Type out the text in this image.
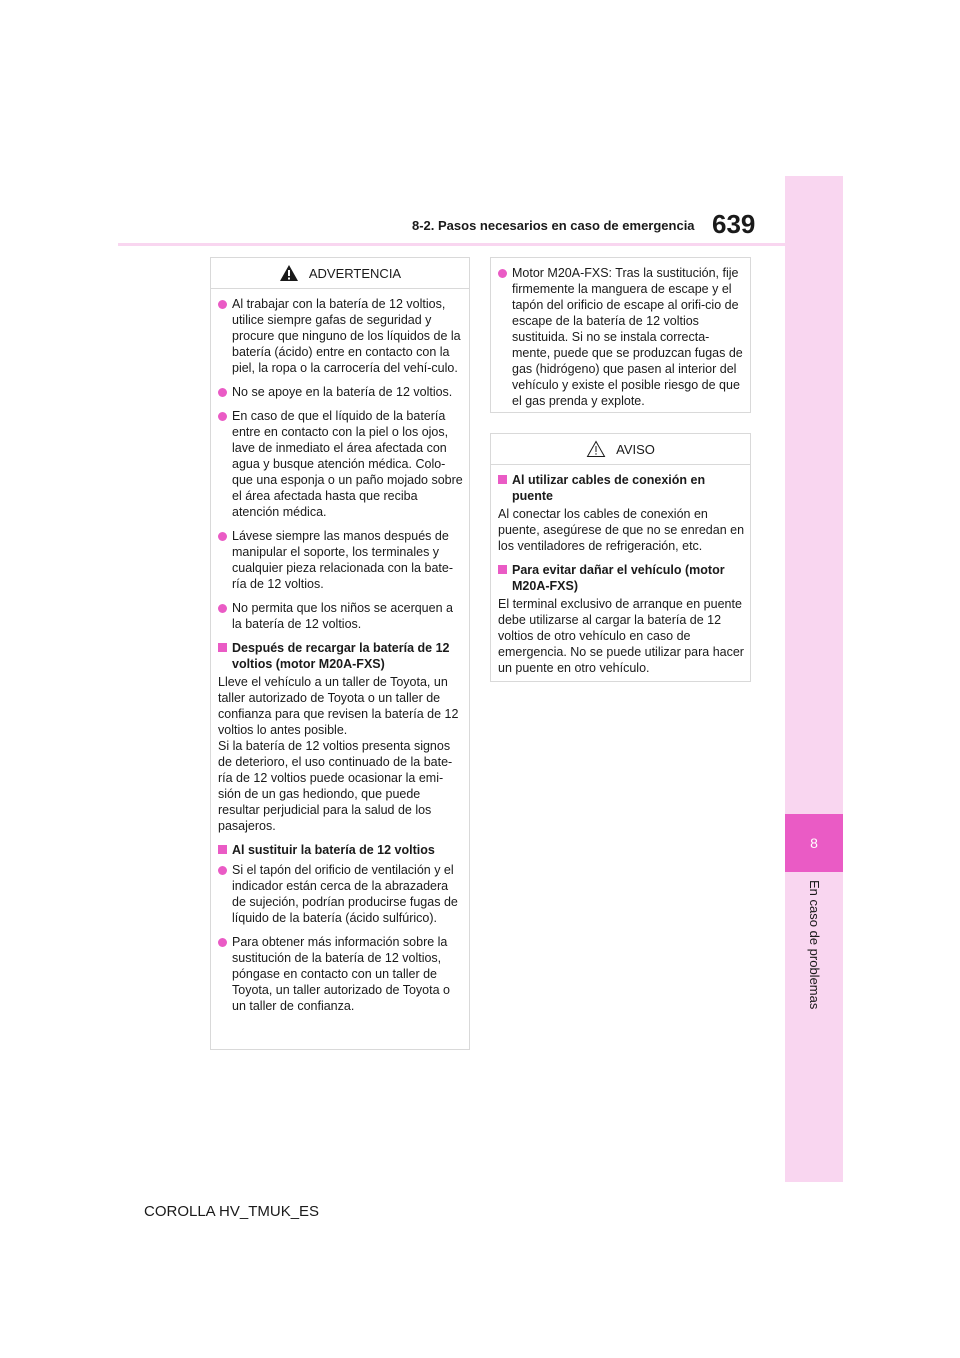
8
En caso de problemas
639
8-2. Pasos necesarios en caso de emergencia
ADVERTENCIA
Al trabajar con la batería de 12 voltios, utilice siempre gafas de seguridad y procure que ninguno de los líquidos de la batería (ácido) entre en contacto con la piel, la ropa o la carrocería del vehí-culo.
No se apoye en la batería de 12 voltios.
En caso de que el líquido de la batería entre en contacto con la piel o los ojos, lave de inmediato el área afectada con agua y busque atención médica. Colo-que una esponja o un paño mojado sobre el área afectada hasta que reciba atención médica.
Lávese siempre las manos después de manipular el soporte, los terminales y cualquier pieza relacionada con la bate-ría de 12 voltios.
No permita que los niños se acerquen a la batería de 12 voltios.
Después de recargar la batería de 12 voltios (motor M20A-FXS)
Lleve el vehículo a un taller de Toyota, un taller autorizado de Toyota o un taller de confianza para que revisen la batería de 12 voltios lo antes posible.
Si la batería de 12 voltios presenta signos de deterioro, el uso continuado de la bate-ría de 12 voltios puede ocasionar la emi-sión de un gas hediondo, que puede resultar perjudicial para la salud de los pasajeros.
Al sustituir la batería de 12 voltios
Si el tapón del orificio de ventilación y el indicador están cerca de la abrazadera de sujeción, podrían producirse fugas de líquido de la batería (ácido sulfúrico).
Para obtener más información sobre la sustitución de la batería de 12 voltios, póngase en contacto con un taller de Toyota, un taller autorizado de Toyota o un taller de confianza.
Motor M20A-FXS: Tras la sustitución, fije firmemente la manguera de escape y el tapón del orificio de escape al orifi-cio de escape de la batería de 12 voltios sustituida. Si no se instala correcta-mente, puede que se produzcan fugas de gas (hidrógeno) que pasen al interior del vehículo y existe el posible riesgo de que el gas prenda y explote.
AVISO
Al utilizar cables de conexión en puente
Al conectar los cables de conexión en puente, asegúrese de que no se enredan en los ventiladores de refrigeración, etc.
Para evitar dañar el vehículo (motor M20A-FXS)
El terminal exclusivo de arranque en puente debe utilizarse al cargar la batería de 12 voltios de otro vehículo en caso de emergencia. No se puede utilizar para hacer un puente en otro vehículo.
COROLLA HV_TMUK_ES
